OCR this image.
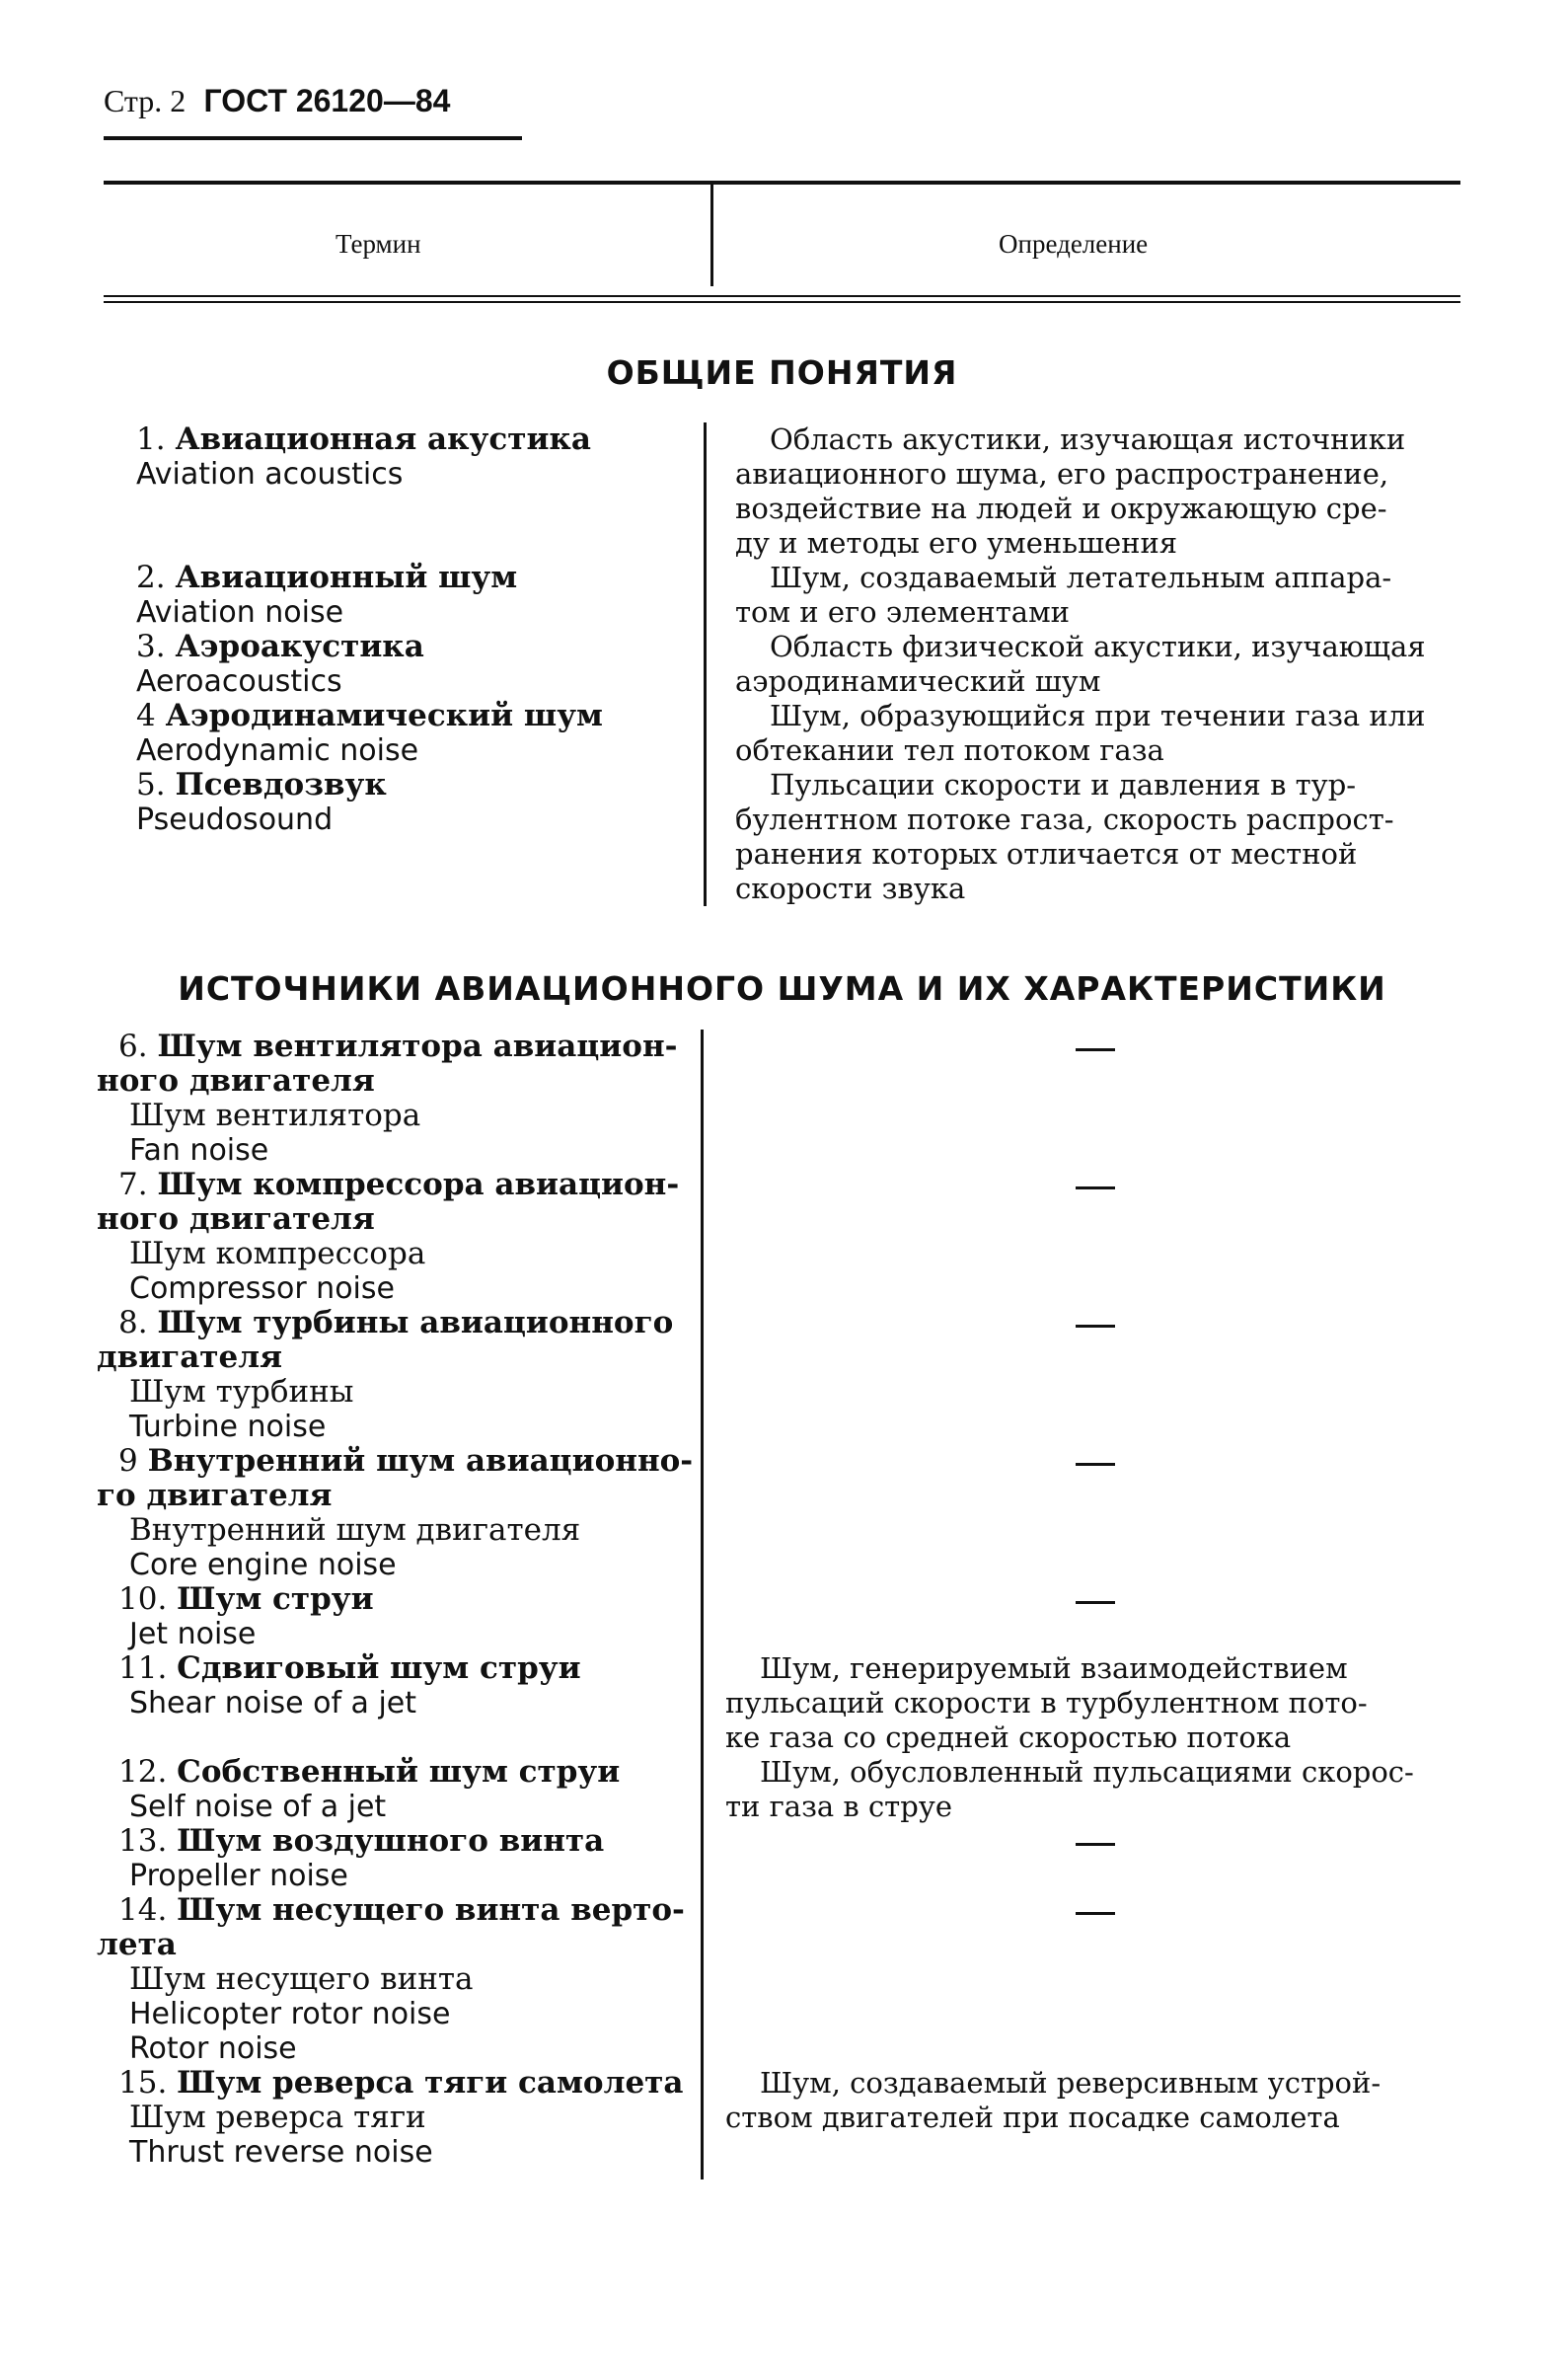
Стр. 2 ГОСТ 26120—84
Термин	Определение
ОБЩИЕ ПОНЯТИЯ
1. Авиационная акустика
Aviation acoustics
Область акустики, изучающая источники
авиационного шума, его распространение,
воздействие на людей и окружающую сре-
ду и методы его уменьшения
2. Авиационный шум
Aviation noise
Шум, создаваемый летательным аппара-
том и его элементами
3. Аэроакустика
Aeroacoustics
Область физической акустики, изучающая
аэродинамический шум
4 Аэродинамический шум
Aerodynamic noise
Шум, образующийся при течении газа или
обтекании тел потоком газа
5. Псевдозвук
Pseudosound
Пульсации скорости и давления в тур-
булентном потоке газа, скорость распрост-
ранения которых отличается от местной
скорости звука
ИСТОЧНИКИ АВИАЦИОННОГО ШУМА И ИХ ХАРАКТЕРИСТИКИ
6. Шум вентилятора авиацион-
ного двигателя
Шум вентилятора
Fan noise
7. Шум компрессора авиацион-
ного двигателя
Шум компрессора
Compressor noise
8. Шум турбины авиационного
двигателя
Шум турбины
Turbine noise
9 Внутренний шум авиационно-
го двигателя
Внутренний шум двигателя
Core engine noise
10. Шум струи
Jet noise
11. Сдвиговый шум струи
Shear noise of a jet
Шум, генерируемый взаимодействием
пульсаций скорости в турбулентном пото-
ке газа со средней скоростью потока
12. Собственный шум струи
Self noise of a jet
Шум, обусловленный пульсациями скорос-
ти газа в струе
13. Шум воздушного винта
Propeller noise
14. Шум несущего винта верто-
лета
Шум несущего винта
Helicopter rotor noise
Rotor noise
15. Шум реверса тяги самолета
Шум реверса тяги
Thrust reverse noise
Шум, создаваемый реверсивным устрой-
ством двигателей при посадке самолета
